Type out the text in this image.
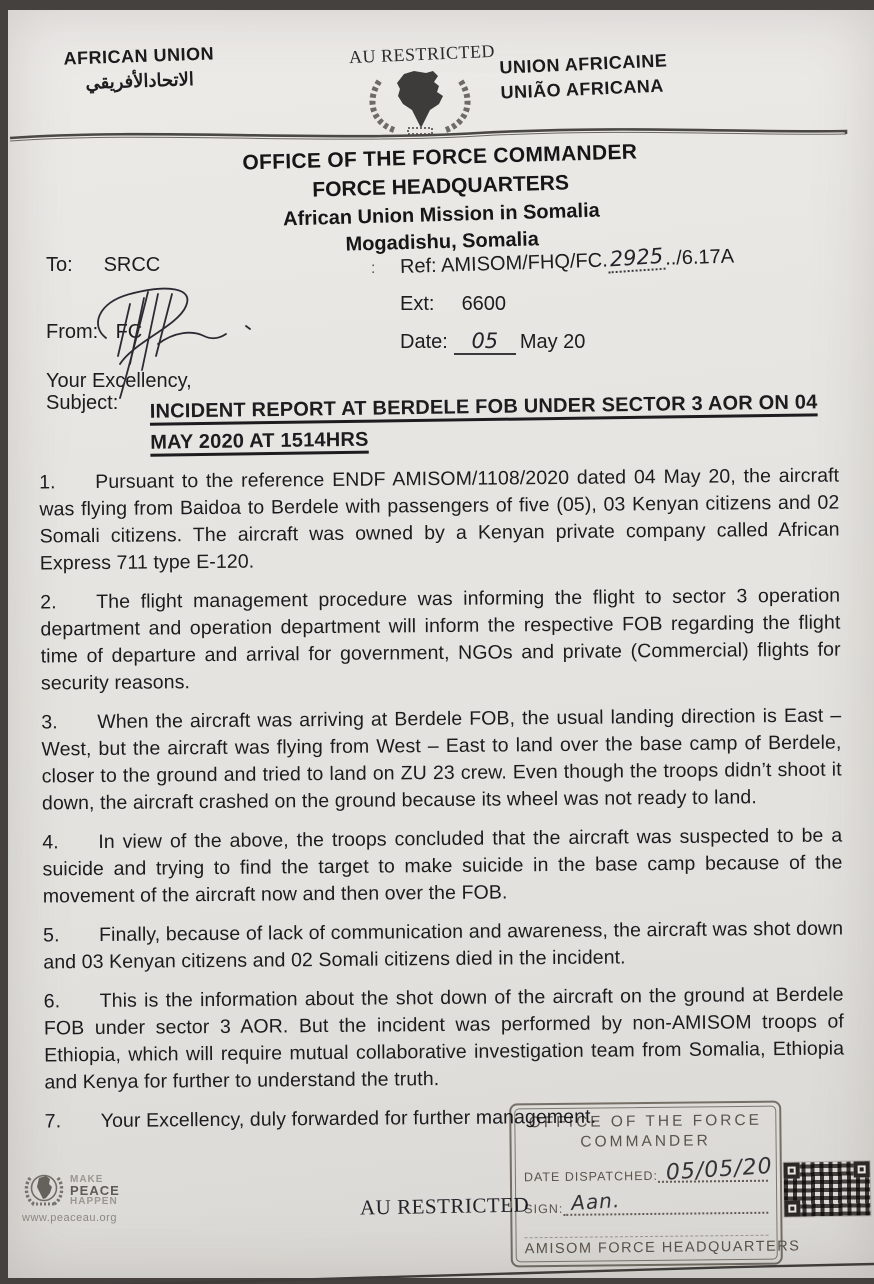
AFRICAN UNION
الاتحادالأفريقي
AU RESTRICTED UNION AFRICAINE
UNIÃO AFRICANA
OFFICE OF THE FORCE COMMANDER
FORCE HEADQUARTERS
African Union Mission in Somalia
Mogadishu, Somalia
To: SRCC
From: FC
Your Excellency,
: Ref: AMISOM/FHQ/FC.2925../6.17A
Ext: 6600
Date: 05 May 20
Subject:	INCIDENT REPORT AT BERDELE FOB UNDER SECTOR 3 AOR ON 04 MAY 2020 AT 1514HRS

1. Pursuant to the reference ENDF AMISOM/1108/2020 dated 04 May 20, the aircraft was flying from Baidoa to Berdele with passengers of five (05), 03 Kenyan citizens and 02 Somali citizens. The aircraft was owned by a Kenyan private company called African Express 711 type E-120.

2. The flight management procedure was informing the flight to sector 3 operation department and operation department will inform the respective FOB regarding the flight time of departure and arrival for government, NGOs and private (Commercial) flights for security reasons.

3. When the aircraft was arriving at Berdele FOB, the usual landing direction is East – West, but the aircraft was flying from West – East to land over the base camp of Berdele, closer to the ground and tried to land on ZU 23 crew. Even though the troops didn’t shoot it down, the aircraft crashed on the ground because its wheel was not ready to land.

4. In view of the above, the troops concluded that the aircraft was suspected to be a suicide and trying to find the target to make suicide in the base camp because of the movement of the aircraft now and then over the FOB.

5. Finally, because of lack of communication and awareness, the aircraft was shot down and 03 Kenyan citizens and 02 Somali citizens died in the incident.

6. This is the information about the shot down of the aircraft on the ground at Berdele FOB under sector 3 AOR. But the incident was performed by non-AMISOM troops of Ethiopia, which will require mutual collaborative investigation team from Somalia, Ethiopia and Kenya for further to understand the truth.

7. Your Excellency, duly forwarded for further management.

OFFICE OF THE FORCE
COMMANDER
DATE DISPATCHED: 05/05/20
SIGN: Aan.
AMISOM FORCE HEADQUARTERS
MAKE
PEACE
HAPPEN
www.peaceau.org	AU RESTRICTED
